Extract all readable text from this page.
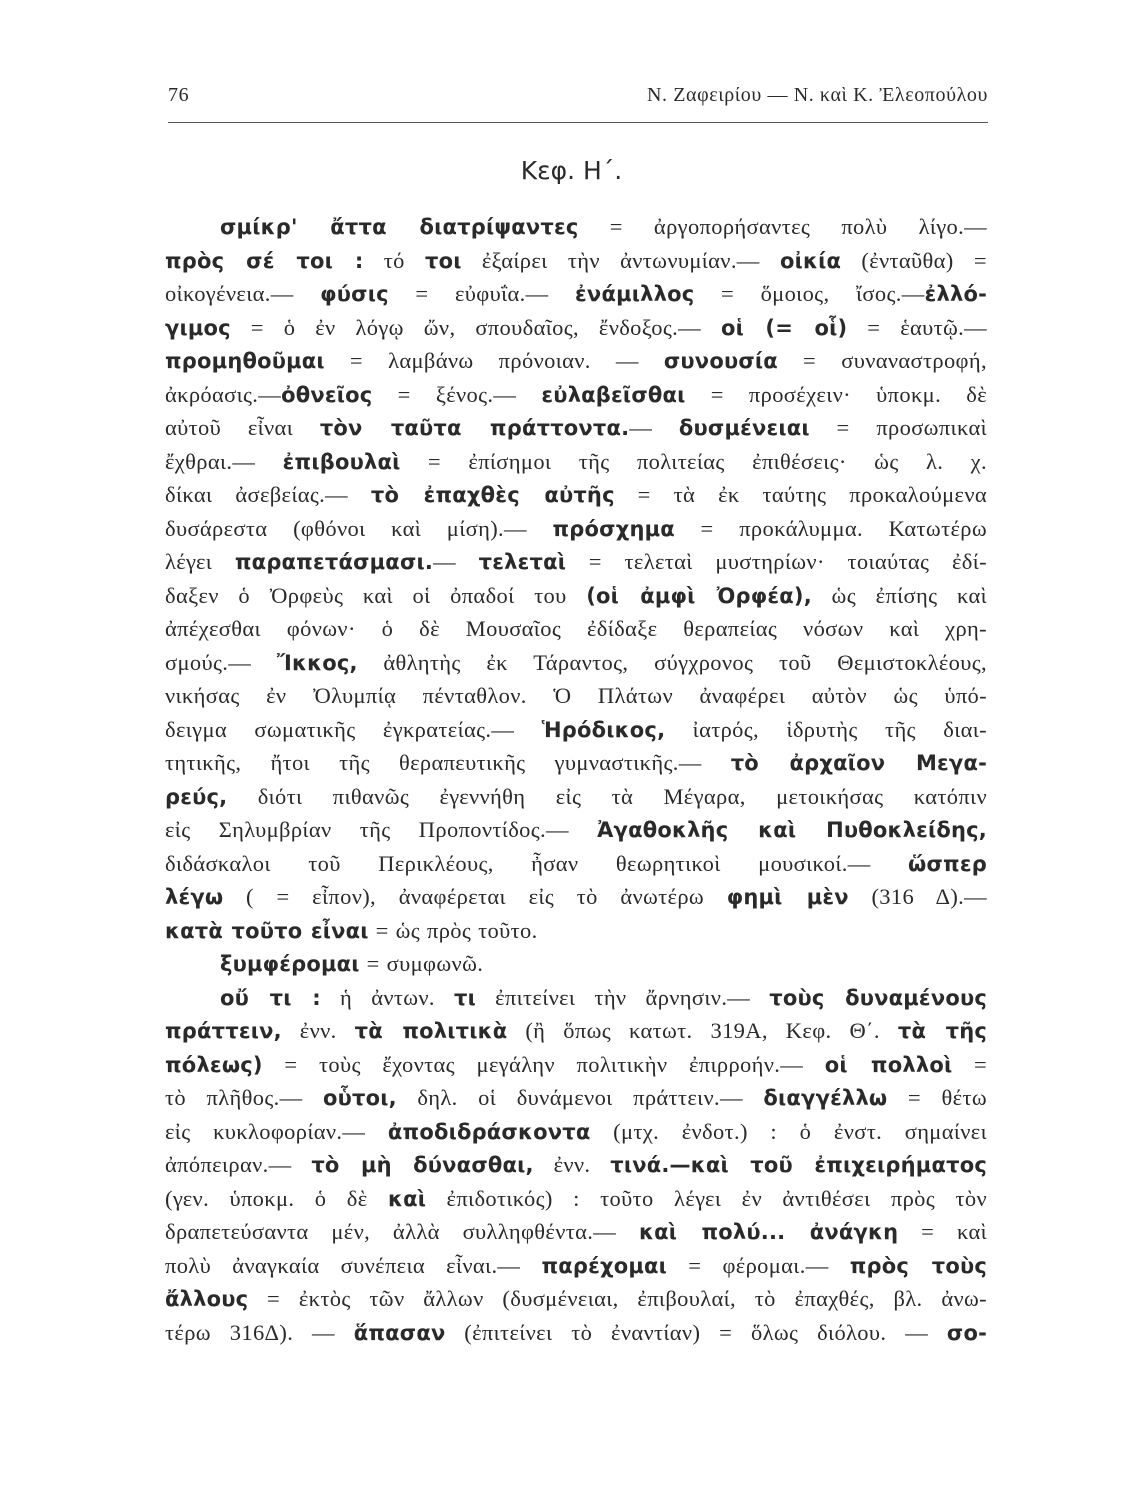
76	Ν. Ζαφειρίου — Ν. καὶ Κ. Ἐλεοπούλου
Κεφ. Η΄.
σμίκρ' ἄττα διατρίψαντες = ἀργοπορήσαντες πολὺ λίγο.—
πρὸς σέ τοι : τό τοι ἐξαίρει τὴν ἀντωνυμίαν.— οἰκία (ἐνταῦθα) =
οἰκογένεια.— φύσις = εὐφυΐα.— ἐνάμιλλος = ὅμοιος, ἴσος.—ἐλλό-
γιμος = ὁ ἐν λόγῳ ὤν, σπουδαῖος, ἔνδοξος.— οἱ (= οἷ) = ἑαυτῷ.—
προμηθοῦμαι = λαμβάνω πρόνοιαν. — συνουσία = συναναστροφή,
ἀκρόασις.—ὀθνεῖος = ξένος.— εὐλαβεῖσθαι = προσέχειν· ὑποκμ. δὲ
αὐτοῦ εἶναι τὸν ταῦτα πράττοντα.— δυσμένειαι = προσωπικαὶ
ἔχθραι.— ἐπιβουλαὶ = ἐπίσημοι τῆς πολιτείας ἐπιθέσεις· ὡς λ. χ.
δίκαι ἀσεβείας.— τὸ ἐπαχθὲς αὐτῆς = τὰ ἐκ ταύτης προκαλούμενα
δυσάρεστα (φθόνοι καὶ μίση).— πρόσχημα = προκάλυμμα. Κατωτέρω
λέγει παραπετάσμασι.— τελεταὶ = τελεταὶ μυστηρίων· τοιαύτας ἐδί-
δαξεν ὁ Ὀρφεὺς καὶ οἱ ὀπαδοί του (οἱ ἀμφὶ Ὀρφέα), ὡς ἐπίσης καὶ
ἀπέχεσθαι φόνων· ὁ δὲ Μουσαῖος ἐδίδαξε θεραπείας νόσων καὶ χρη-
σμούς.— Ἴκκος, ἀθλητὴς ἐκ Τάραντος, σύγχρονος τοῦ Θεμιστοκλέους,
νικήσας ἐν Ὀλυμπίᾳ πένταθλον. Ὁ Πλάτων ἀναφέρει αὐτὸν ὡς ὑπό-
δειγμα σωματικῆς ἐγκρατείας.— Ἡρόδικος, ἰατρός, ἱδρυτὴς τῆς διαι-
τητικῆς, ἤτοι τῆς θεραπευτικῆς γυμναστικῆς.— τὸ ἀρχαῖον Μεγα-
ρεύς, διότι πιθανῶς ἐγεννήθη εἰς τὰ Μέγαρα, μετοικήσας κατόπιν
εἰς Σηλυμβρίαν τῆς Προποντίδος.— Ἀγαθοκλῆς καὶ Πυθοκλείδης,
διδάσκαλοι τοῦ Περικλέους, ἦσαν θεωρητικοὶ μουσικοί.— ὥσπερ
λέγω ( = εἶπον), ἀναφέρεται εἰς τὸ ἀνωτέρω φημὶ μὲν (316 Δ).—
κατὰ τοῦτο εἶναι = ὡς πρὸς τοῦτο.
ξυμφέρομαι = συμφωνῶ.
οὔ τι : ἡ ἀντων. τι ἐπιτείνει τὴν ἄρνησιν.— τοὺς δυναμένους
πράττειν, ἐνν. τὰ πολιτικὰ (ἢ ὅπως κατωτ. 319Α, Κεφ. Θ΄. τὰ τῆς
πόλεως) = τοὺς ἔχοντας μεγάλην πολιτικὴν ἐπιρροήν.— οἱ πολλοὶ =
τὸ πλῆθος.— οὗτοι, δηλ. οἱ δυνάμενοι πράττειν.— διαγγέλλω = θέτω
εἰς κυκλοφορίαν.— ἀποδιδράσκοντα (μτχ. ἐνδοτ.) : ὁ ἐνστ. σημαίνει
ἀπόπειραν.— τὸ μὴ δύνασθαι, ἐνν. τινά.—καὶ τοῦ ἐπιχειρήματος
(γεν. ὑποκμ. ὁ δὲ καὶ ἐπιδοτικός) : τοῦτο λέγει ἐν ἀντιθέσει πρὸς τὸν
δραπετεύσαντα μέν, ἀλλὰ συλληφθέντα.— καὶ πολύ... ἀνάγκη = καὶ
πολὺ ἀναγκαία συνέπεια εἶναι.— παρέχομαι = φέρομαι.— πρὸς τοὺς
ἄλλους = ἐκτὸς τῶν ἄλλων (δυσμένειαι, ἐπιβουλαί, τὸ ἐπαχθές, βλ. ἀνω-
τέρω 316Δ). — ἅπασαν (ἐπιτείνει τὸ ἐναντίαν) = ὅλως διόλου. — σο-
